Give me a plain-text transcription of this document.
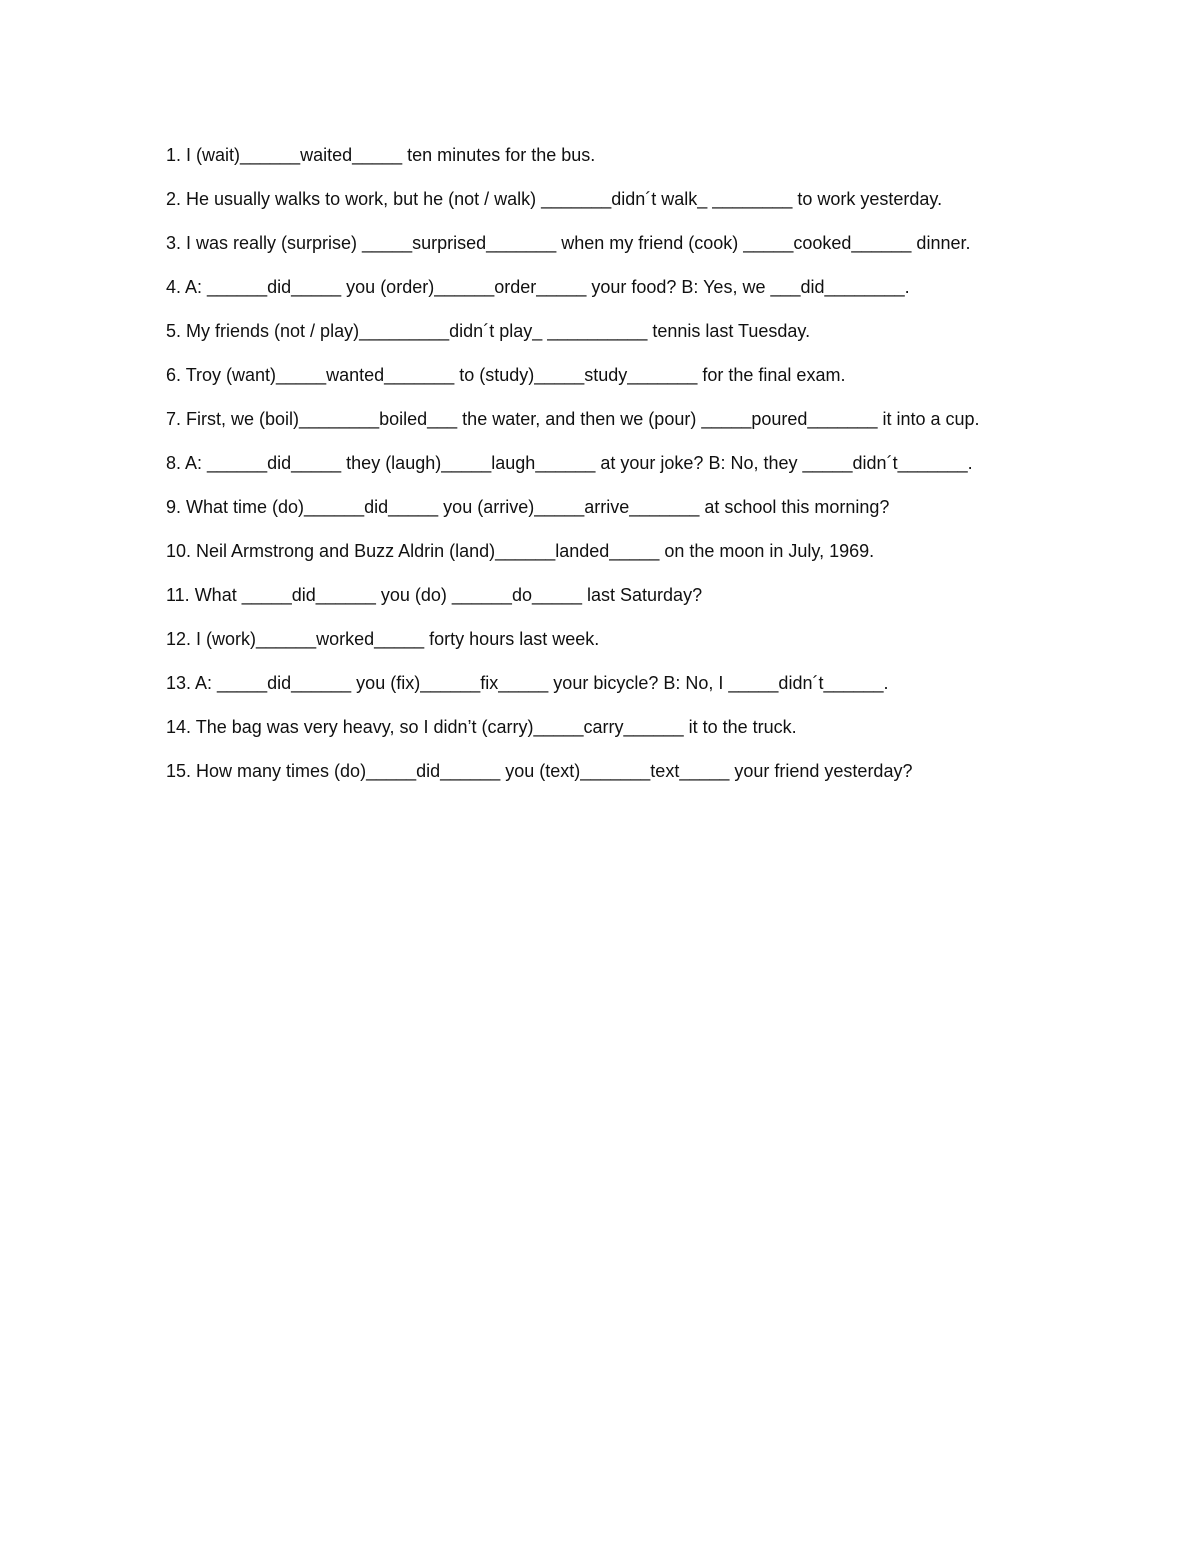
1. I (wait)______waited_____ ten minutes for the bus.

2. He usually walks to work, but he (not / walk) _______didn´t walk_ ________ to work yesterday.

3. I was really (surprise) _____surprised_______ when my friend (cook) _____cooked______ dinner.

4. A: ______did_____ you (order)______order_____ your food? B: Yes, we ___did________.

5. My friends (not / play)_________didn´t play_ __________ tennis last Tuesday.

6. Troy (want)_____wanted_______ to (study)_____study_______ for the final exam.

7. First, we (boil)________boiled___ the water, and then we (pour) _____poured_______ it into a cup.

8. A: ______did_____ they (laugh)_____laugh______ at your joke? B: No, they _____didn´t_______.

9. What time (do)______did_____ you (arrive)_____arrive_______ at school this morning?

10. Neil Armstrong and Buzz Aldrin (land)______landed_____ on the moon in July, 1969.

11. What _____did______ you (do) ______do_____ last Saturday?

12. I (work)______worked_____ forty hours last week.

13. A: _____did______ you (fix)______fix_____ your bicycle? B: No, I _____didn´t______.

14. The bag was very heavy, so I didn’t (carry)_____carry______ it to the truck.

15. How many times (do)_____did______ you (text)_______text_____ your friend yesterday?
